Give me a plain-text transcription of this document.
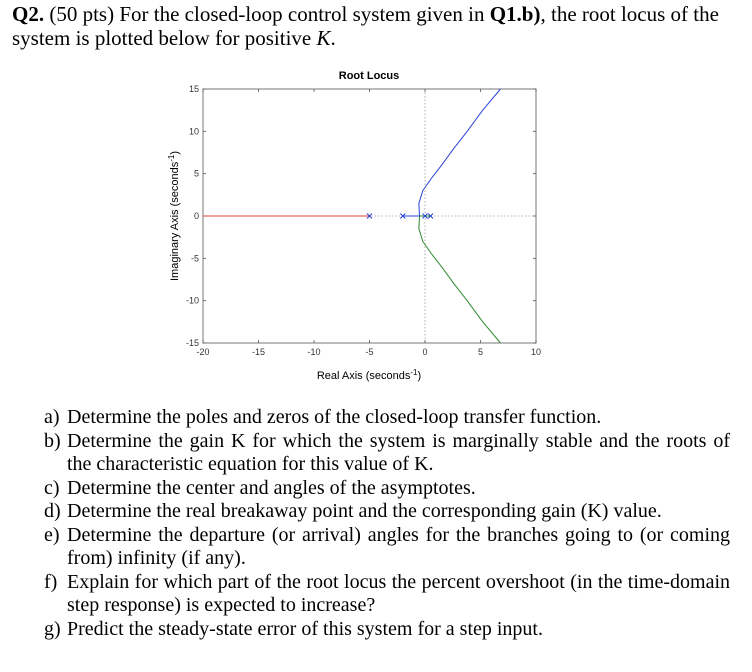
Q2. (50 pts) For the closed-loop control system given in Q1.b), the root locus of the system is plotted below for positive K.
Root Locus
-20	-15	-10	-5	0	5	10
15
10
5
0
-5
-10
-15
Real Axis (seconds$^{-1}$)
Imaginary Axis (seconds$^{-1}$)
a) Determine the poles and zeros of the closed-loop transfer function.
b) Determine the gain K for which the system is marginally stable and the roots of the characteristic equation for this value of K.
c) Determine the center and angles of the asymptotes.
d) Determine the real breakaway point and the corresponding gain (K) value.
e) Determine the departure (or arrival) angles for the branches going to (or coming from) infinity (if any).
f) Explain for which part of the root locus the percent overshoot (in the time-domain step response) is expected to increase?
g) Predict the steady-state error of this system for a step input.
